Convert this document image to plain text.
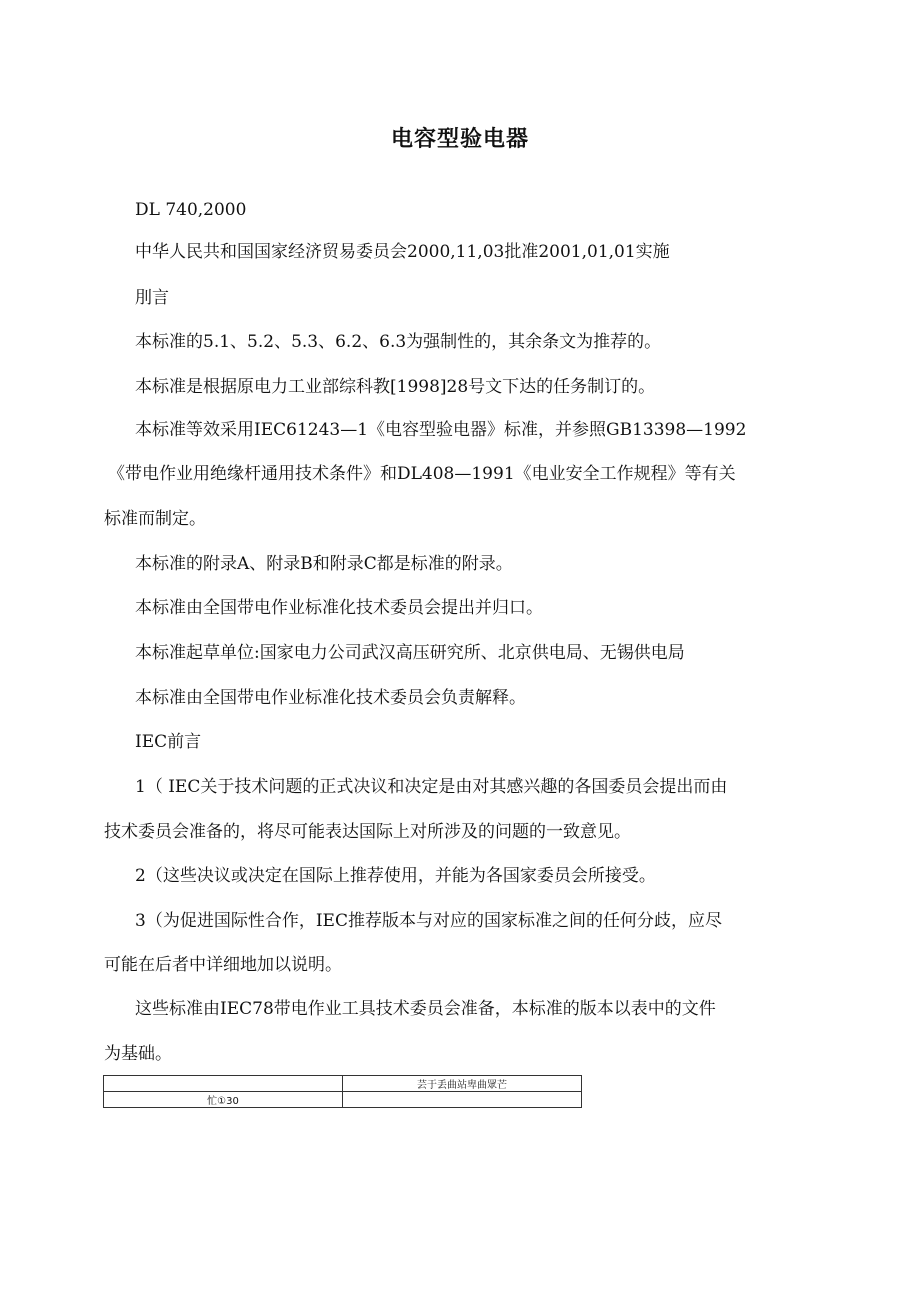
电容型验电器
DL 740,2000
中华人民共和国国家经济贸易委员会2000,11,03批准2001,01,01实施
刖言
本标准的5.1、5.2、5.3、6.2、6.3为强制性的，其余条文为推荐的。
本标准是根据原电力工业部综科教[1998]28号文下达的任务制订的。
本标准等效采用IEC61243—1《电容型验电器》标准，并参照GB13398—1992
《带电作业用绝缘杆通用技术条件》和DL408—1991《电业安全工作规程》等有关
标准而制定。
本标准的附录A、附录B和附录C都是标准的附录。
本标准由全国带电作业标准化技术委员会提出并归口。
本标准起草单位:国家电力公司武汉高压研究所、北京供电局、无锡供电局
本标准由全国带电作业标准化技术委员会负责解释。
IEC前言
1（ IEC关于技术问题的正式决议和决定是由对其感兴趣的各国委员会提出而由
技术委员会准备的，将尽可能表达国际上对所涉及的问题的一致意见。
2（这些决议或决定在国际上推荐使用，并能为各国家委员会所接受。
3（为促进国际性合作，IEC推荐版本与对应的国家标准之间的任何分歧，应尽
可能在后者中详细地加以说明。
这些标准由IEC78带电作业工具技术委员会准备，本标准的版本以表中的文件
为基础。
	芸于丢曲站卑曲眾芒
忙①30	
